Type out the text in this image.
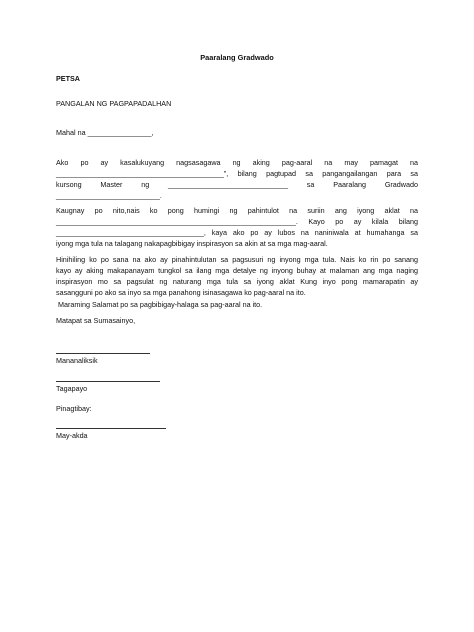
Paaralang Gradwado
PETSA
PANGALAN NG PAGPAPADALHAN
Mahal na ________________,
Ako po ay kasalukuyang nagsasagawa ng aking pag-aaral na may pamagat na
__________________________________________”, bilang pagtupad sa pangangailangan para sa
kursong Master ng ______________________________ sa Paaralang Gradwado
__________________________.
Kaugnay po nito,nais ko pong humingi ng pahintulot na suriin ang iyong aklat na
____________________________________________________________. Kayo po ay kilala bilang
_____________________________________, kaya ako po ay lubos na naniniwala at humahanga sa
iyong mga tula na talagang nakapagbibigay inspirasyon sa akin at sa mga mag-aaral.
Hinihiling ko po sana na ako ay pinahintulutan sa pagsusuri ng inyong mga tula. Nais ko rin po sanang
kayo ay aking makapanayam tungkol sa ilang mga detalye ng inyong buhay at malaman ang mga naging
inspirasyon mo sa pagsulat ng naturang mga tula sa iyong aklat Kung inyo pong mamarapatin ay
sasangguni po ako sa inyo sa mga panahong isinasagawa ko pag-aaral na ito.
Maraming Salamat po sa pagbibigay-halaga sa pag-aaral na ito.
Matapat sa Sumasainyo,
Mananaliksik
Tagapayo
Pinagtibay:
May-akda
